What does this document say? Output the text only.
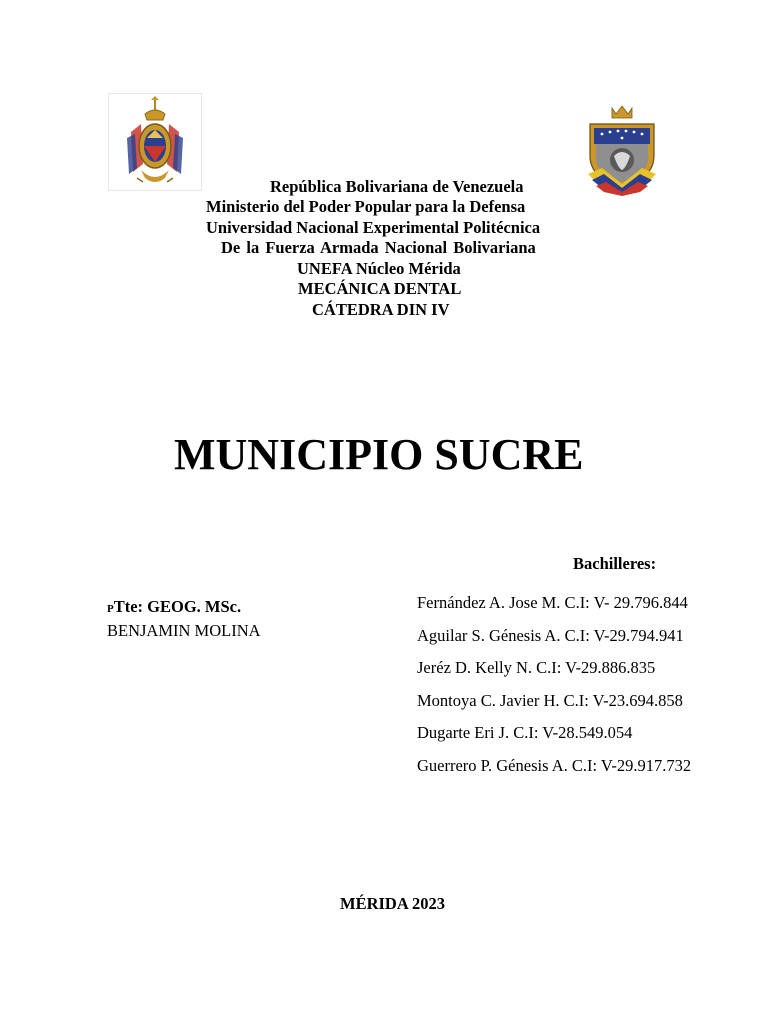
República Bolivariana de Venezuela
Ministerio del Poder Popular para la Defensa
Universidad Nacional Experimental Politécnica
De la Fuerza Armada Nacional Bolivariana
UNEFA Núcleo Mérida
MECÁNICA DENTAL
CÁTEDRA DIN IV
MUNICIPIO SUCRE
Bachilleres:
PTte: GEOG. MSc.
BENJAMIN MOLINA
Fernández A. Jose M. C.I: V- 29.796.844
Aguilar S. Génesis A. C.I: V-29.794.941
Jeréz D. Kelly N. C.I: V-29.886.835
Montoya C. Javier H. C.I: V-23.694.858
Dugarte Eri J. C.I: V-28.549.054
Guerrero P. Génesis A. C.I: V-29.917.732
MÉRIDA 2023
